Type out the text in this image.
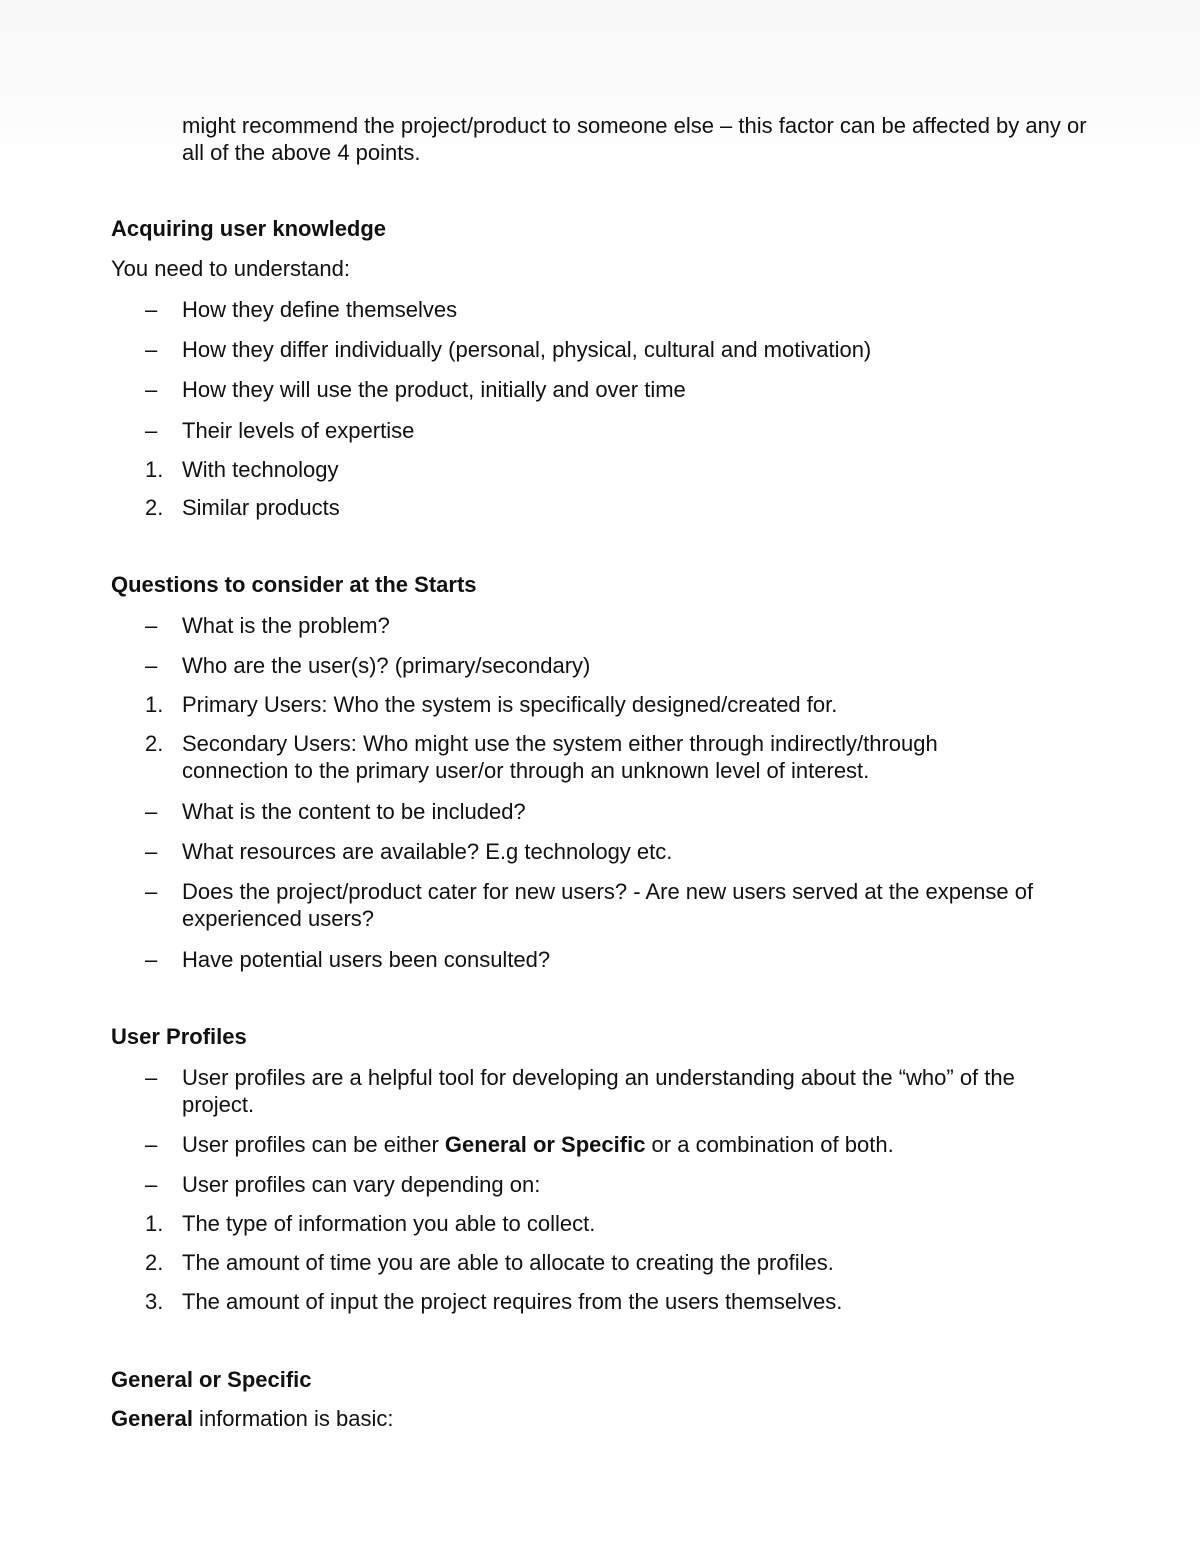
might recommend the project/product to someone else – this factor can be affected by any or all of the above 4 points.
Acquiring user knowledge
You need to understand:
–	How they define themselves
–	How they differ individually (personal, physical, cultural and motivation)
–	How they will use the product, initially and over time
–	Their levels of expertise
1. With technology
2. Similar products
Questions to consider at the Starts
–	What is the problem?
–	Who are the user(s)? (primary/secondary)
1. Primary Users: Who the system is specifically designed/created for.
2. Secondary Users: Who might use the system either through indirectly/through connection to the primary user/or through an unknown level of interest.
–	What is the content to be included?
–	What resources are available? E.g technology etc.
–	Does the project/product cater for new users? - Are new users served at the expense of experienced users?
–	Have potential users been consulted?
User Profiles
–	User profiles are a helpful tool for developing an understanding about the “who” of the project.
–	User profiles can be either General or Specific or a combination of both.
–	User profiles can vary depending on:
1. The type of information you able to collect.
2. The amount of time you are able to allocate to creating the profiles.
3. The amount of input the project requires from the users themselves.
General or Specific
General information is basic:
